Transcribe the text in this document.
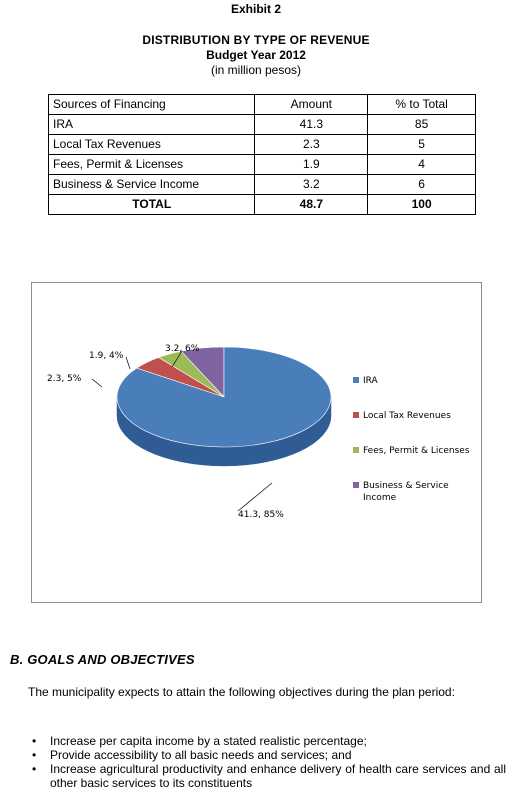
Exhibit 2
DISTRIBUTION BY TYPE OF REVENUE
Budget Year 2012
(in million pesos)
Sources of Financing	Amount	% to Total
IRA	41.3	85
Local Tax Revenues	2.3	5
Fees, Permit & Licenses	1.9	4
Business & Service Income	3.2	6
TOTAL	48.7	100
3.2, 6%
1.9, 4%
2.3, 5%
41.3, 85%
IRA
Local Tax Revenues
Fees, Permit & Licenses
Business & Service Income
B. GOALS AND OBJECTIVES
The municipality expects to attain the following objectives during the plan period:
• Increase per capita income by a stated realistic percentage;
• Provide accessibility to all basic needs and services; and
• Increase agricultural productivity and enhance delivery of health care services and all other basic services to its constituents
